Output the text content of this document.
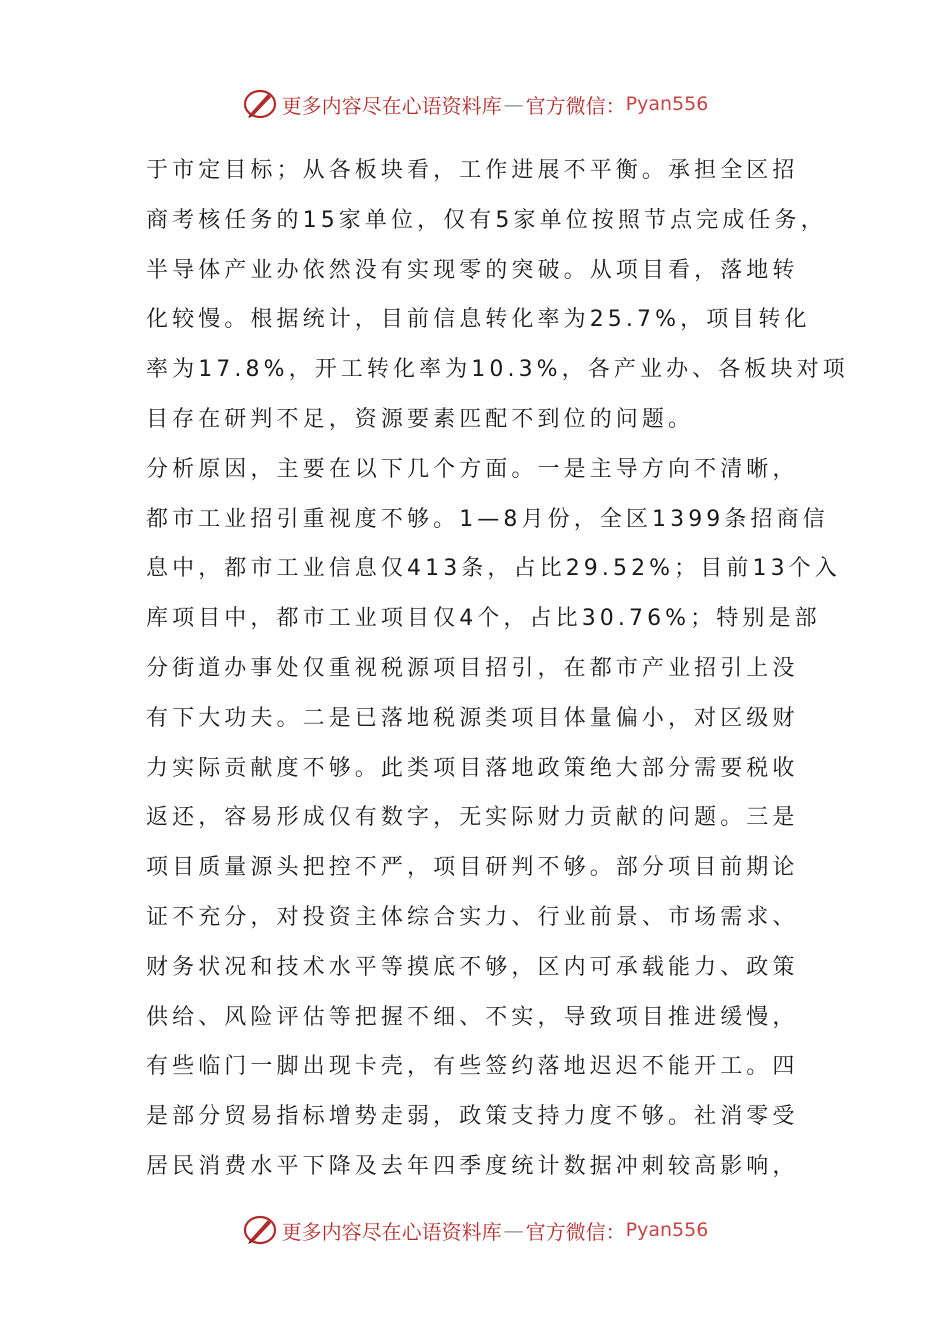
更多内容尽在心语资料库 — 官方微信： Pyan556

于市定目标；从各板块看，工作进展不平衡。承担全区招

商考核任务的15家单位，仅有5家单位按照节点完成任务，

半导体产业办依然没有实现零的突破。从项目看，落地转

化较慢。根据统计，目前信息转化率为25.7%，项目转化

率为17.8%，开工转化率为10.3%，各产业办、各板块对项

目存在研判不足，资源要素匹配不到位的问题。

分析原因，主要在以下几个方面。一是主导方向不清晰，

都市工业招引重视度不够。1—8月份，全区1399条招商信

息中，都市工业信息仅413条，占比29.52%；目前13个入

库项目中，都市工业项目仅4个，占比30.76%；特别是部

分街道办事处仅重视税源项目招引，在都市产业招引上没

有下大功夫。二是已落地税源类项目体量偏小，对区级财

力实际贡献度不够。此类项目落地政策绝大部分需要税收

返还，容易形成仅有数字，无实际财力贡献的问题。三是

项目质量源头把控不严，项目研判不够。部分项目前期论

证不充分，对投资主体综合实力、行业前景、市场需求、

财务状况和技术水平等摸底不够，区内可承载能力、政策

供给、风险评估等把握不细、不实，导致项目推进缓慢，

有些临门一脚出现卡壳，有些签约落地迟迟不能开工。四

是部分贸易指标增势走弱，政策支持力度不够。社消零受

居民消费水平下降及去年四季度统计数据冲刺较高影响，

更多内容尽在心语资料库 — 官方微信： Pyan556
